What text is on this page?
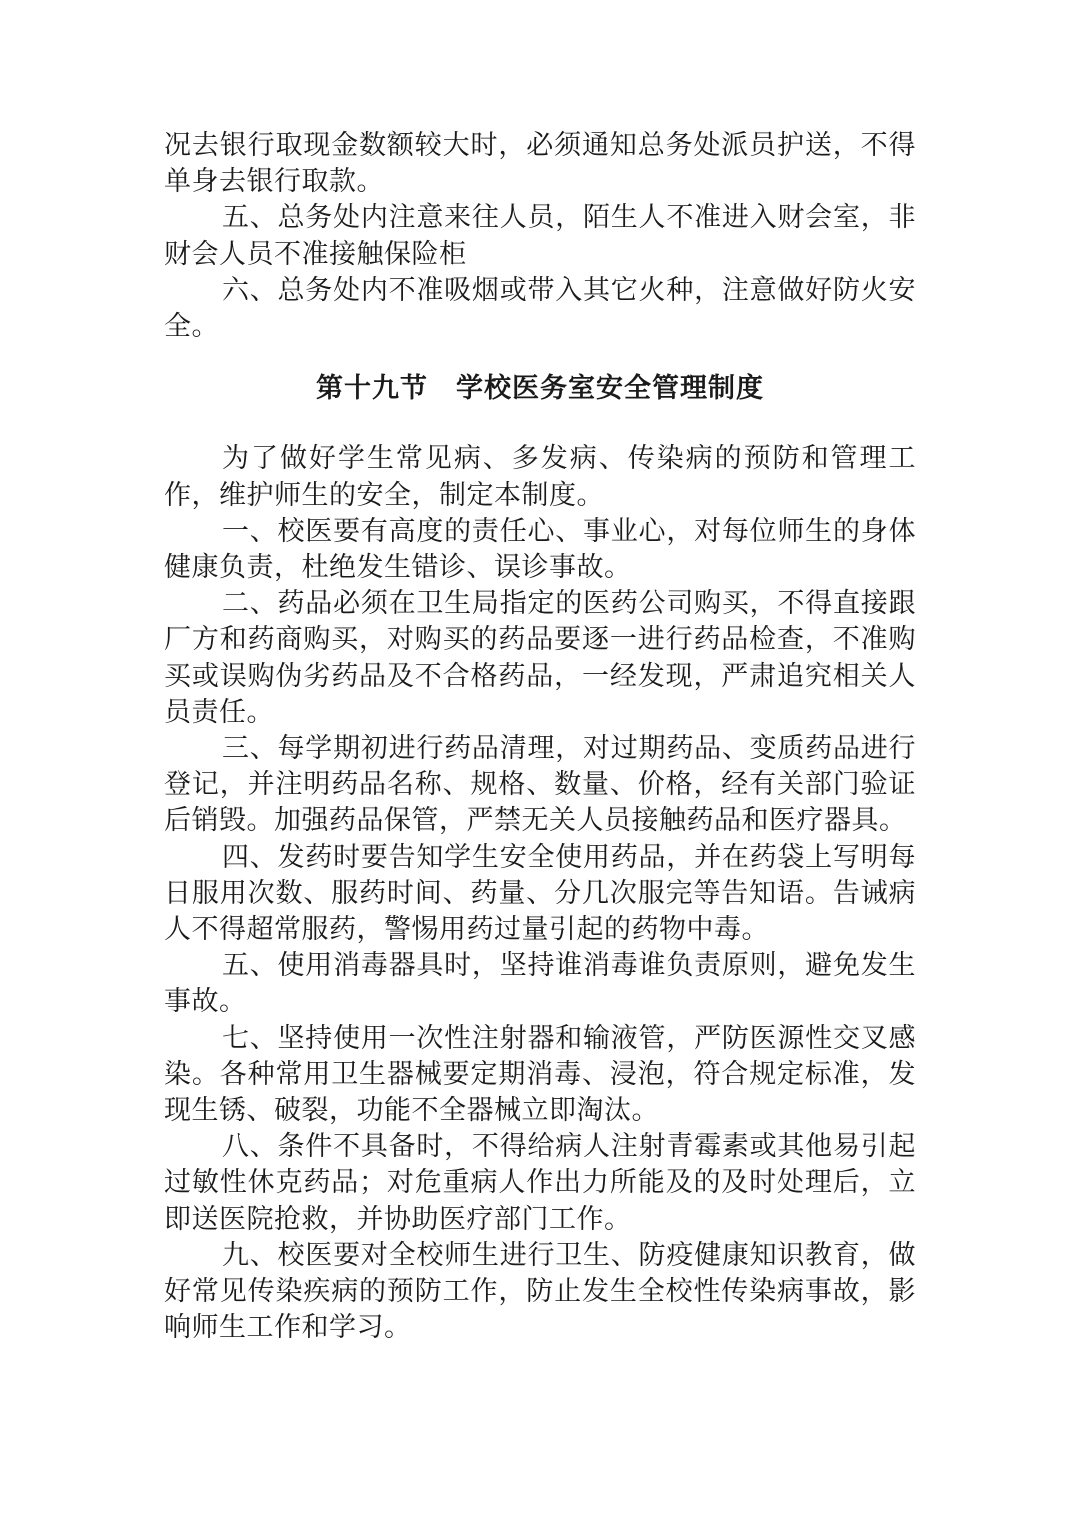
况去银行取现金数额较大时，必须通知总务处派员护送，不得单身去银行取款。

五、总务处内注意来往人员，陌生人不准进入财会室，非财会人员不准接触保险柜

六、总务处内不准吸烟或带入其它火种，注意做好防火安全。

第十九节　学校医务室安全管理制度

为了做好学生常见病、多发病、传染病的预防和管理工作，维护师生的安全，制定本制度。

一、校医要有高度的责任心、事业心，对每位师生的身体健康负责，杜绝发生错诊、误诊事故。

二、药品必须在卫生局指定的医药公司购买，不得直接跟厂方和药商购买，对购买的药品要逐一进行药品检查，不准购买或误购伪劣药品及不合格药品，一经发现，严肃追究相关人员责任。

三、每学期初进行药品清理，对过期药品、变质药品进行登记，并注明药品名称、规格、数量、价格，经有关部门验证后销毁。加强药品保管，严禁无关人员接触药品和医疗器具。

四、发药时要告知学生安全使用药品，并在药袋上写明每日服用次数、服药时间、药量、分几次服完等告知语。告诫病人不得超常服药，警惕用药过量引起的药物中毒。

五、使用消毒器具时，坚持谁消毒谁负责原则，避免发生事故。

七、坚持使用一次性注射器和输液管，严防医源性交叉感染。各种常用卫生器械要定期消毒、浸泡，符合规定标准，发现生锈、破裂，功能不全器械立即淘汰。

八、条件不具备时，不得给病人注射青霉素或其他易引起过敏性休克药品；对危重病人作出力所能及的及时处理后，立即送医院抢救，并协助医疗部门工作。

九、校医要对全校师生进行卫生、防疫健康知识教育，做好常见传染疾病的预防工作，防止发生全校性传染病事故，影响师生工作和学习。
